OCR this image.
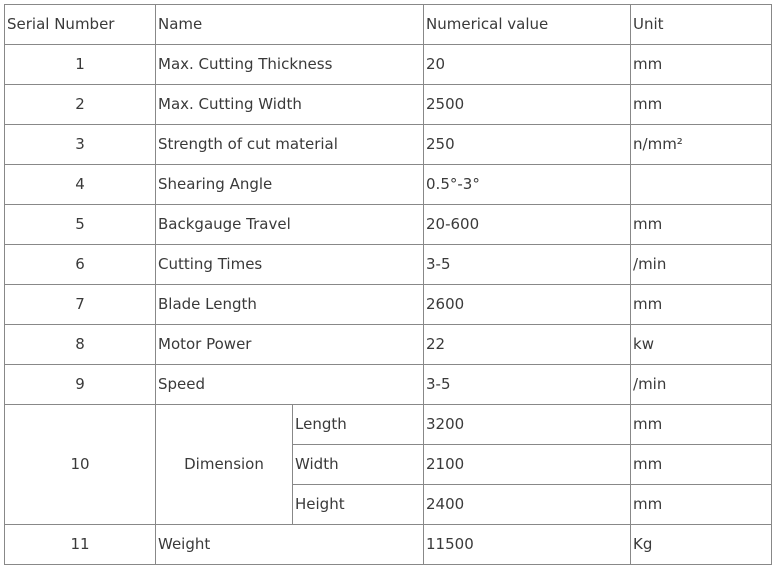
Serial Number	Name		Numerical value	Unit
1	Max. Cutting Thickness		20	mm
2	Max. Cutting Width		2500	mm
3	Strength of cut material		250	n/mm²
4	Shearing Angle		0.5°-3°	
5	Backgauge Travel		20-600	mm
6	Cutting Times		3-5	/min
7	Blade Length		2600	mm
8	Motor Power		22	kw
9	Speed		3-5	/min
10	Dimension	Length	3200	mm
		Width	2100	mm
		Height	2400	mm
11	Weight		11500	Kg
